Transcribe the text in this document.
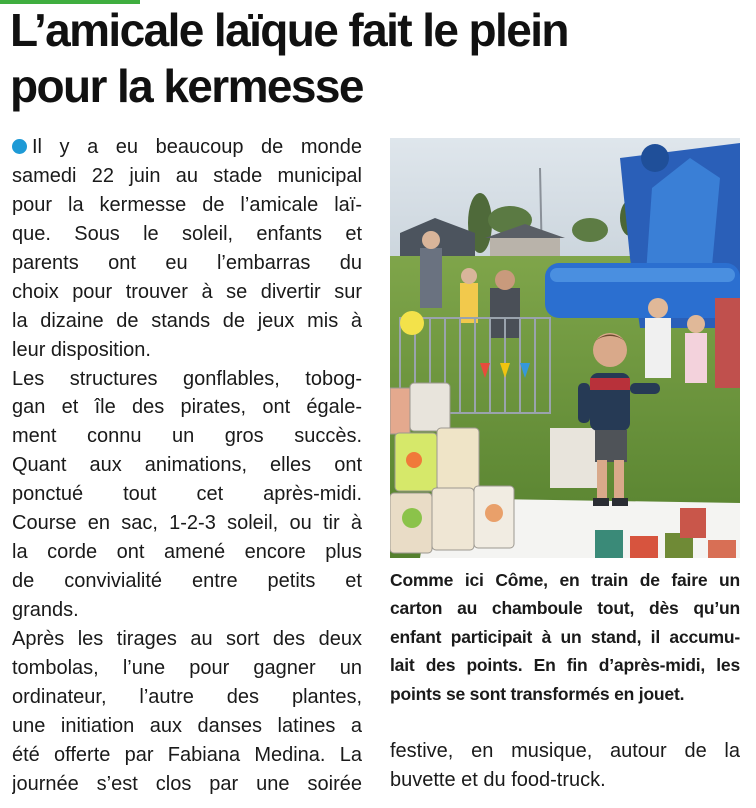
L’amicale laïque fait le plein
pour la kermesse
Il y a eu beaucoup de monde
samedi 22 juin au stade municipal
pour la kermesse de l’amicale laï-
que. Sous le soleil, enfants et
parents ont eu l’embarras du
choix pour trouver à se divertir sur
la dizaine de stands de jeux mis à
leur disposition.
Les structures gonflables, tobog-
gan et île des pirates, ont égale-
ment connu un gros succès.
Quant aux animations, elles ont
ponctué tout cet après-midi.
Course en sac, 1-2-3 soleil, ou tir à
la corde ont amené encore plus
de convivialité entre petits et
grands.
Après les tirages au sort des deux
tombolas, l’une pour gagner un
ordinateur, l’autre des plantes,
une initiation aux danses latines a
été offerte par Fabiana Medina. La
journée s’est clos par une soirée
Comme ici Côme, en train de faire un
carton au chamboule tout, dès qu’un
enfant participait à un stand, il accumu-
lait des points. En fin d’après-midi, les
points se sont transformés en jouet.
festive, en musique, autour de la
buvette et du food-truck.
